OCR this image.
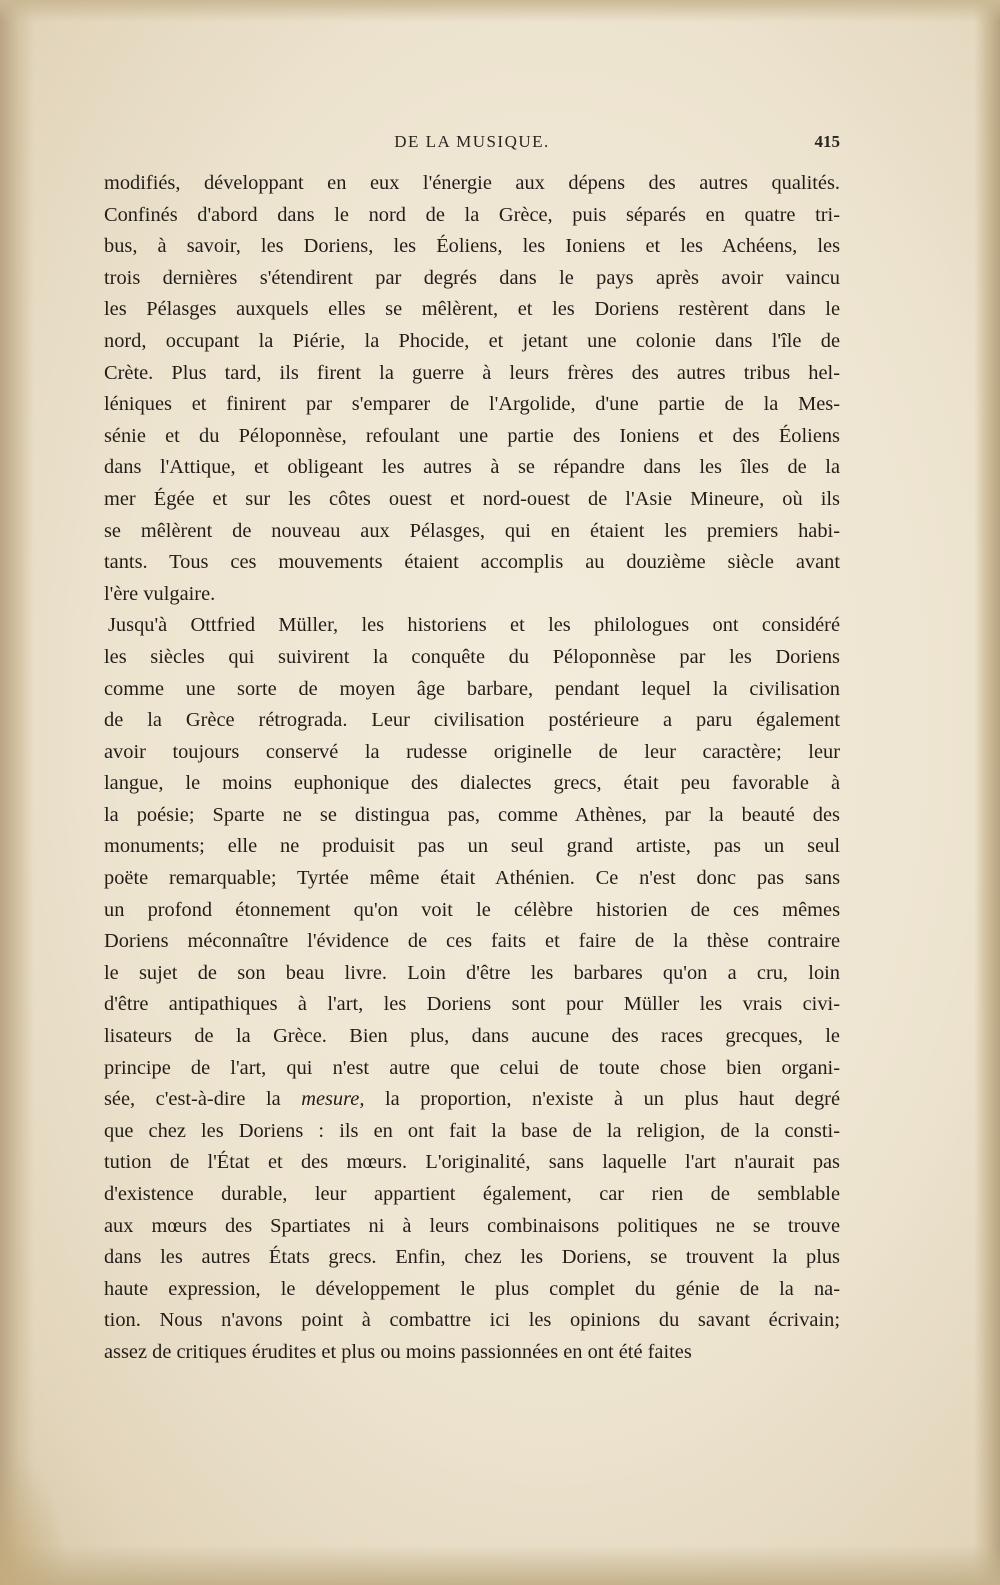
DE LA MUSIQUE.	415
modifiés, développant en eux l'énergie aux dépens des autres qualités.
Confinés d'abord dans le nord de la Grèce, puis séparés en quatre tri-
bus, à savoir, les Doriens, les Éoliens, les Ioniens et les Achéens, les
trois dernières s'étendirent par degrés dans le pays après avoir vaincu
les Pélasges auxquels elles se mêlèrent, et les Doriens restèrent dans le
nord, occupant la Piérie, la Phocide, et jetant une colonie dans l'île de
Crète. Plus tard, ils firent la guerre à leurs frères des autres tribus hel-
léniques et finirent par s'emparer de l'Argolide, d'une partie de la Mes-
sénie et du Péloponnèse, refoulant une partie des Ioniens et des Éoliens
dans l'Attique, et obligeant les autres à se répandre dans les îles de la
mer Égée et sur les côtes ouest et nord-ouest de l'Asie Mineure, où ils
se mêlèrent de nouveau aux Pélasges, qui en étaient les premiers habi-
tants. Tous ces mouvements étaient accomplis au douzième siècle avant
l'ère vulgaire.
Jusqu'à Ottfried Müller, les historiens et les philologues ont considéré
les siècles qui suivirent la conquête du Péloponnèse par les Doriens
comme une sorte de moyen âge barbare, pendant lequel la civilisation
de la Grèce rétrograda. Leur civilisation postérieure a paru également
avoir toujours conservé la rudesse originelle de leur caractère; leur
langue, le moins euphonique des dialectes grecs, était peu favorable à
la poésie; Sparte ne se distingua pas, comme Athènes, par la beauté des
monuments; elle ne produisit pas un seul grand artiste, pas un seul
poëte remarquable; Tyrtée même était Athénien. Ce n'est donc pas sans
un profond étonnement qu'on voit le célèbre historien de ces mêmes
Doriens méconnaître l'évidence de ces faits et faire de la thèse contraire
le sujet de son beau livre. Loin d'être les barbares qu'on a cru, loin
d'être antipathiques à l'art, les Doriens sont pour Müller les vrais civi-
lisateurs de la Grèce. Bien plus, dans aucune des races grecques, le
principe de l'art, qui n'est autre que celui de toute chose bien organi-
sée, c'est-à-dire la mesure, la proportion, n'existe à un plus haut degré
que chez les Doriens : ils en ont fait la base de la religion, de la consti-
tution de l'État et des mœurs. L'originalité, sans laquelle l'art n'aurait pas
d'existence durable, leur appartient également, car rien de semblable
aux mœurs des Spartiates ni à leurs combinaisons politiques ne se trouve
dans les autres États grecs. Enfin, chez les Doriens, se trouvent la plus
haute expression, le développement le plus complet du génie de la na-
tion. Nous n'avons point à combattre ici les opinions du savant écrivain;
assez de critiques érudites et plus ou moins passionnées en ont été faites
